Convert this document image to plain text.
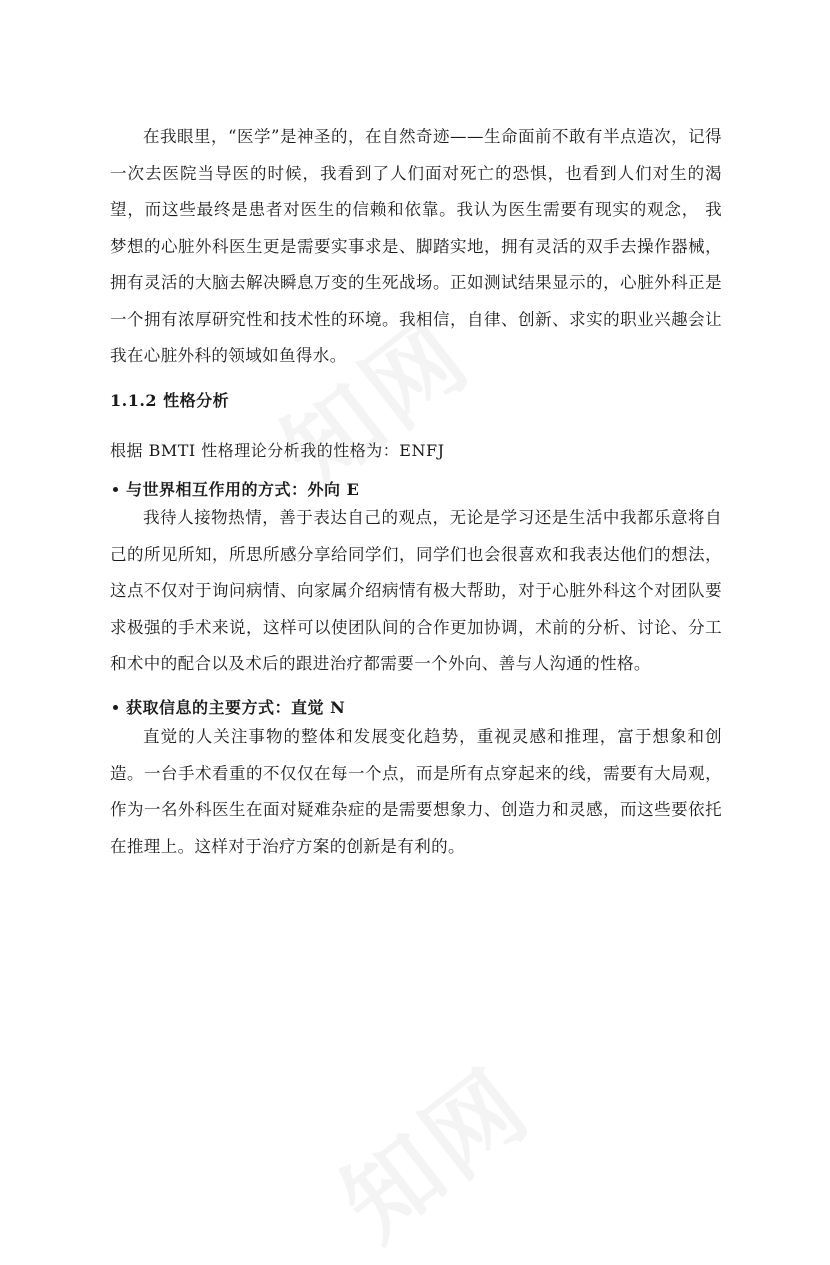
在我眼里，“医学”是神圣的，在自然奇迹——生命面前不敢有半点造次，记得一次去医院当导医的时候，我看到了人们面对死亡的恐惧，也看到人们对生的渴望，而这些最终是患者对医生的信赖和依靠。我认为医生需要有现实的观念， 我梦想的心脏外科医生更是需要实事求是、脚踏实地，拥有灵活的双手去操作器械，拥有灵活的大脑去解决瞬息万变的生死战场。正如测试结果显示的，心脏外科正是一个拥有浓厚研究性和技术性的环境。我相信，自律、创新、求实的职业兴趣会让我在心脏外科的领域如鱼得水。

1.1.2 性格分析

根据 BMTI 性格理论分析我的性格为：ENFJ

与世界相互作用的方式：外向 E

我待人接物热情，善于表达自己的观点，无论是学习还是生活中我都乐意将自己的所见所知，所思所感分享给同学们，同学们也会很喜欢和我表达他们的想法，这点不仅对于询问病情、向家属介绍病情有极大帮助，对于心脏外科这个对团队要求极强的手术来说，这样可以使团队间的合作更加协调，术前的分析、讨论、分工和术中的配合以及术后的跟进治疗都需要一个外向、善与人沟通的性格。

获取信息的主要方式：直觉 N

直觉的人关注事物的整体和发展变化趋势，重视灵感和推理，富于想象和创造。一台手术看重的不仅仅在每一个点，而是所有点穿起来的线，需要有大局观， 作为一名外科医生在面对疑难杂症的是需要想象力、创造力和灵感，而这些要依托在推理上。这样对于治疗方案的创新是有利的。
